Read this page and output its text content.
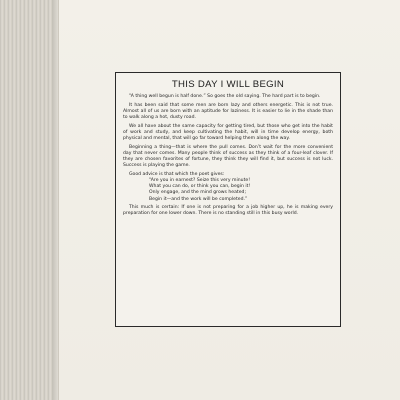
THIS DAY I WILL BEGIN

“A thing well begun is half done.” So goes the old saying. The hard part is to begin.

It has been said that some men are born lazy and others energetic. This is not true. Almost all of us are born with an aptitude for laziness. It is easier to lie in the shade than to walk along a hot, dusty road.

We all have about the same capacity for getting tired, but those who get into the habit of work and study, and keep cultivating the habit, will in time develop energy, both physical and mental, that will go far toward helping them along the way.

Beginning a thing—that is where the pull comes. Don’t wait for the more convenient day that never comes. Many people think of success as they think of a four-leaf clover. If they are chosen favorites of fortune, they think they will find it, but success is not luck. Success is playing the game.

Good advice is that which the poet gives:

“Are you in earnest? Seize this very minute!

What you can do, or think you can, begin it!

Only engage, and the mind grows heated;

Begin it—and the work will be completed.”

This much is certain: If one is not preparing for a job higher up, he is making every preparation for one lower down. There is no standing still in this busy world.
